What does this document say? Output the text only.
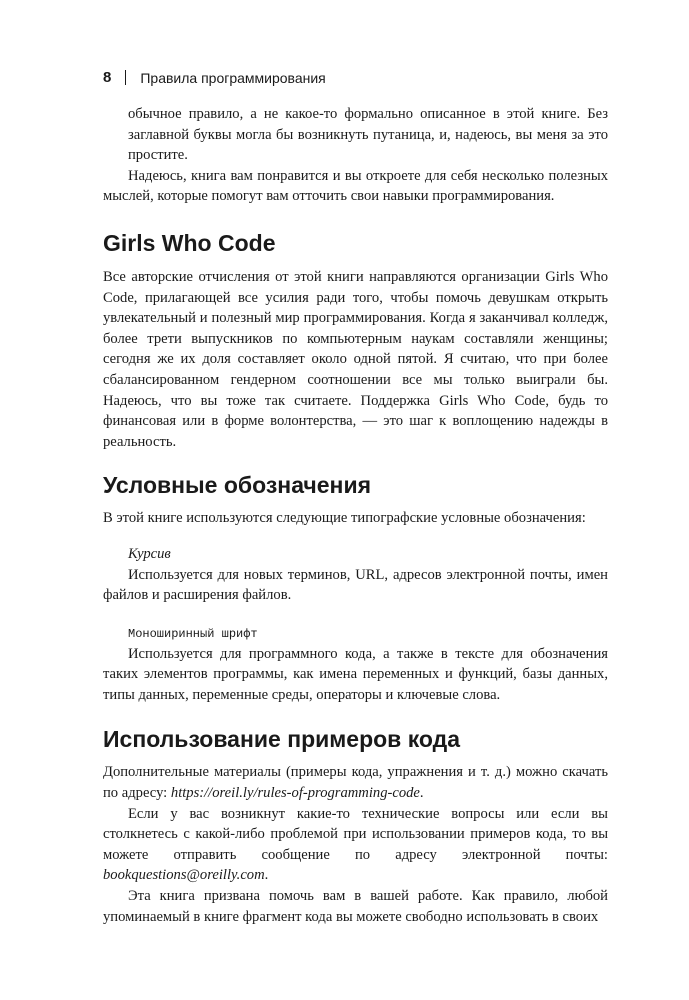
8 Правила программирования

обычное правило, а не какое-то формально описанное в этой книге. Без заглавной буквы могла бы возникнуть путаница, и, надеюсь, вы меня за это простите.

Надеюсь, книга вам понравится и вы откроете для себя несколько полезных мыслей, которые помогут вам отточить свои навыки программирования.

Girls Who Code

Все авторские отчисления от этой книги направляются организации Girls Who Code, прилагающей все усилия ради того, чтобы помочь девушкам открыть увлекательный и полезный мир программирования. Когда я заканчивал колледж, более трети выпускников по компьютерным наукам составляли женщины; сегодня же их доля составляет около одной пятой. Я считаю, что при более сбалансированном гендерном соотношении все мы только выиграли бы. Надеюсь, что вы тоже так считаете. Поддержка Girls Who Code, будь то финансовая или в форме волонтерства, — это шаг к воплощению надежды в реальность.

Условные обозначения

В этой книге используются следующие типографские условные обозначения:

Курсив

Используется для новых терминов, URL, адресов электронной почты, имен файлов и расширения файлов.

Моноширинный шрифт

Используется для программного кода, а также в тексте для обозначения таких элементов программы, как имена переменных и функций, базы данных, типы данных, переменные среды, операторы и ключевые слова.

Использование примеров кода

Дополнительные материалы (примеры кода, упражнения и т. д.) можно скачать по адресу: https://oreil.ly/rules-of-programming-code.

Если у вас возникнут какие-то технические вопросы или если вы столкнетесь с какой-либо проблемой при использовании примеров кода, то вы можете отправить сообщение по адресу электронной почты: bookquestions@oreilly.com.

Эта книга призвана помочь вам в вашей работе. Как правило, любой упоминаемый в книге фрагмент кода вы можете свободно использовать в своих
